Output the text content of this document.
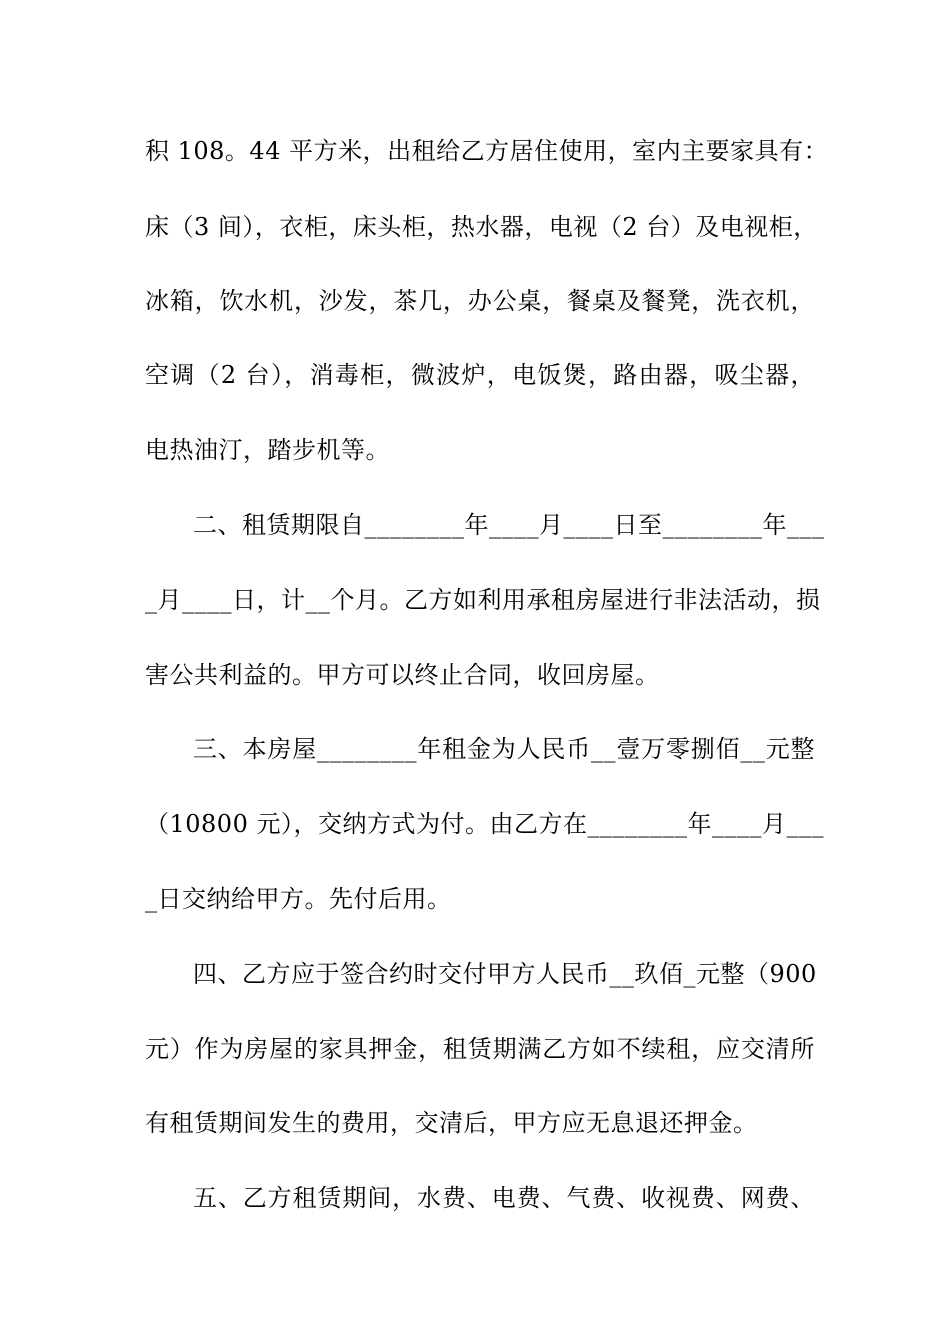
积 108。44 平方米，出租给乙方居住使用，室内主要家具有：
床（3 间），衣柜，床头柜，热水器，电视（2 台）及电视柜，
冰箱，饮水机，沙发，茶几，办公桌，餐桌及餐凳，洗衣机，
空调（2 台），消毒柜，微波炉，电饭煲，路由器，吸尘器，
电热油汀，踏步机等。
二、租赁期限自________年____月____日至________年___
_月____日，计__个月。乙方如利用承租房屋进行非法活动，损
害公共利益的。甲方可以终止合同，收回房屋。
三、本房屋________年租金为人民币__壹万零捌佰__元整
（10800 元），交纳方式为付。由乙方在________年____月___
_日交纳给甲方。先付后用。
四、乙方应于签合约时交付甲方人民币__玖佰_元整（900
元）作为房屋的家具押金，租赁期满乙方如不续租，应交清所
有租赁期间发生的费用，交清后，甲方应无息退还押金。
五、乙方租赁期间，水费、电费、气费、收视费、网费、
